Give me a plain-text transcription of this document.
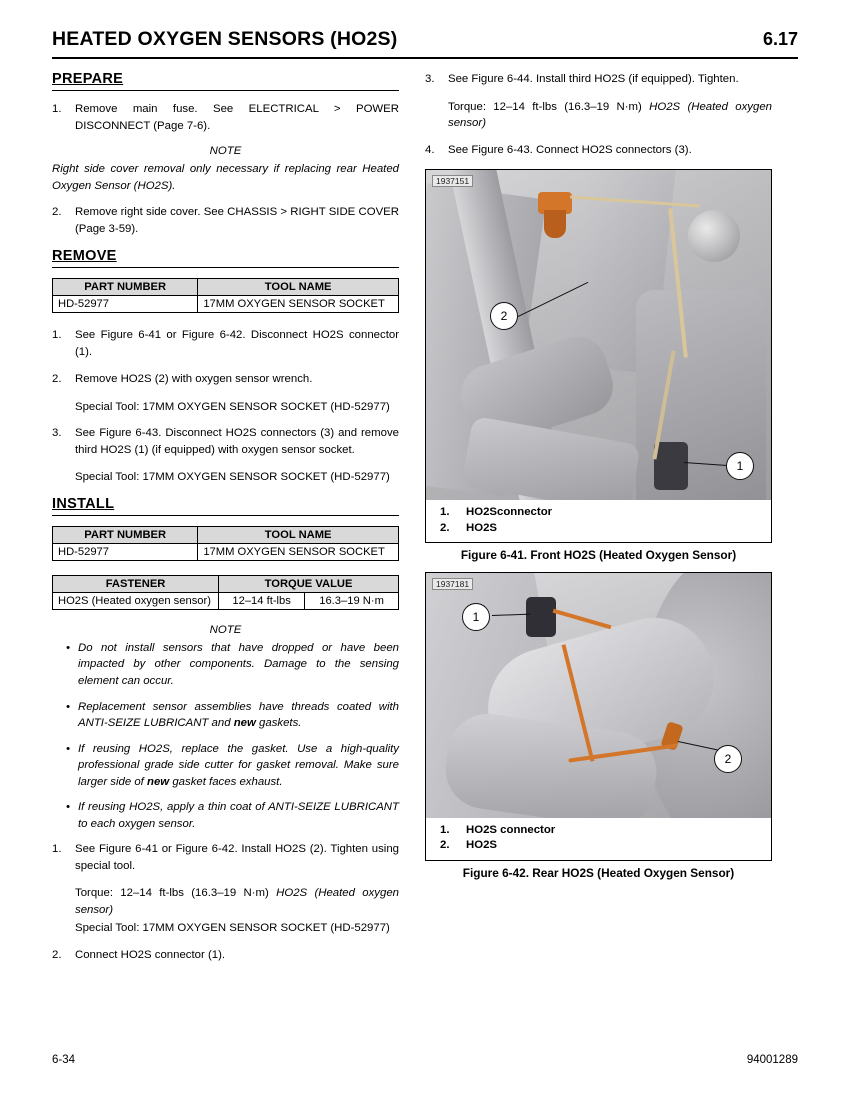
HEATED OXYGEN SENSORS (HO2S)	6.17
PREPARE
1.	Remove main fuse. See ELECTRICAL > POWER DISCONNECT (Page 7-6).
NOTE
Right side cover removal only necessary if replacing rear Heated Oxygen Sensor (HO2S).
2.	Remove right side cover. See CHASSIS > RIGHT SIDE COVER (Page 3-59).
REMOVE
PART NUMBER	TOOL NAME
HD-52977	17MM OXYGEN SENSOR SOCKET
1.	See Figure 6-41 or Figure 6-42. Disconnect HO2S connector (1).
2.	Remove HO2S (2) with oxygen sensor wrench.
Special Tool: 17MM OXYGEN SENSOR SOCKET (HD-52977)
3.	See Figure 6-43. Disconnect HO2S connectors (3) and remove third HO2S (1) (if equipped) with oxygen sensor socket.
Special Tool: 17MM OXYGEN SENSOR SOCKET (HD-52977)
INSTALL
PART NUMBER	TOOL NAME
HD-52977	17MM OXYGEN SENSOR SOCKET
FASTENER	TORQUE VALUE	
HO2S (Heated oxygen sensor)	12–14 ft-lbs	16.3–19 N·m
NOTE
• Do not install sensors that have dropped or have been impacted by other components. Damage to the sensing element can occur.
• Replacement sensor assemblies have threads coated with ANTI-SEIZE LUBRICANT and new gaskets.
• If reusing HO2S, replace the gasket. Use a high-quality professional grade side cutter for gasket removal. Make sure larger side of new gasket faces exhaust.
• If reusing HO2S, apply a thin coat of ANTI-SEIZE LUBRICANT to each oxygen sensor.
1.	See Figure 6-41 or Figure 6-42. Install HO2S (2). Tighten using special tool.
Torque: 12–14 ft-lbs (16.3–19 N·m) HO2S (Heated oxygen sensor)
Special Tool: 17MM OXYGEN SENSOR SOCKET (HD-52977)
2.	Connect HO2S connector (1).
3.	See Figure 6-44. Install third HO2S (if equipped). Tighten.
Torque: 12–14 ft-lbs (16.3–19 N·m) HO2S (Heated oxygen sensor)
4.	See Figure 6-43. Connect HO2S connectors (3).
1937151
2
1
1.	HO2Sconnector
2.	HO2S
Figure 6-41. Front HO2S (Heated Oxygen Sensor)
1937181
1
2
1.	HO2S connector
2.	HO2S
Figure 6-42. Rear HO2S (Heated Oxygen Sensor)
6-34	94001289
